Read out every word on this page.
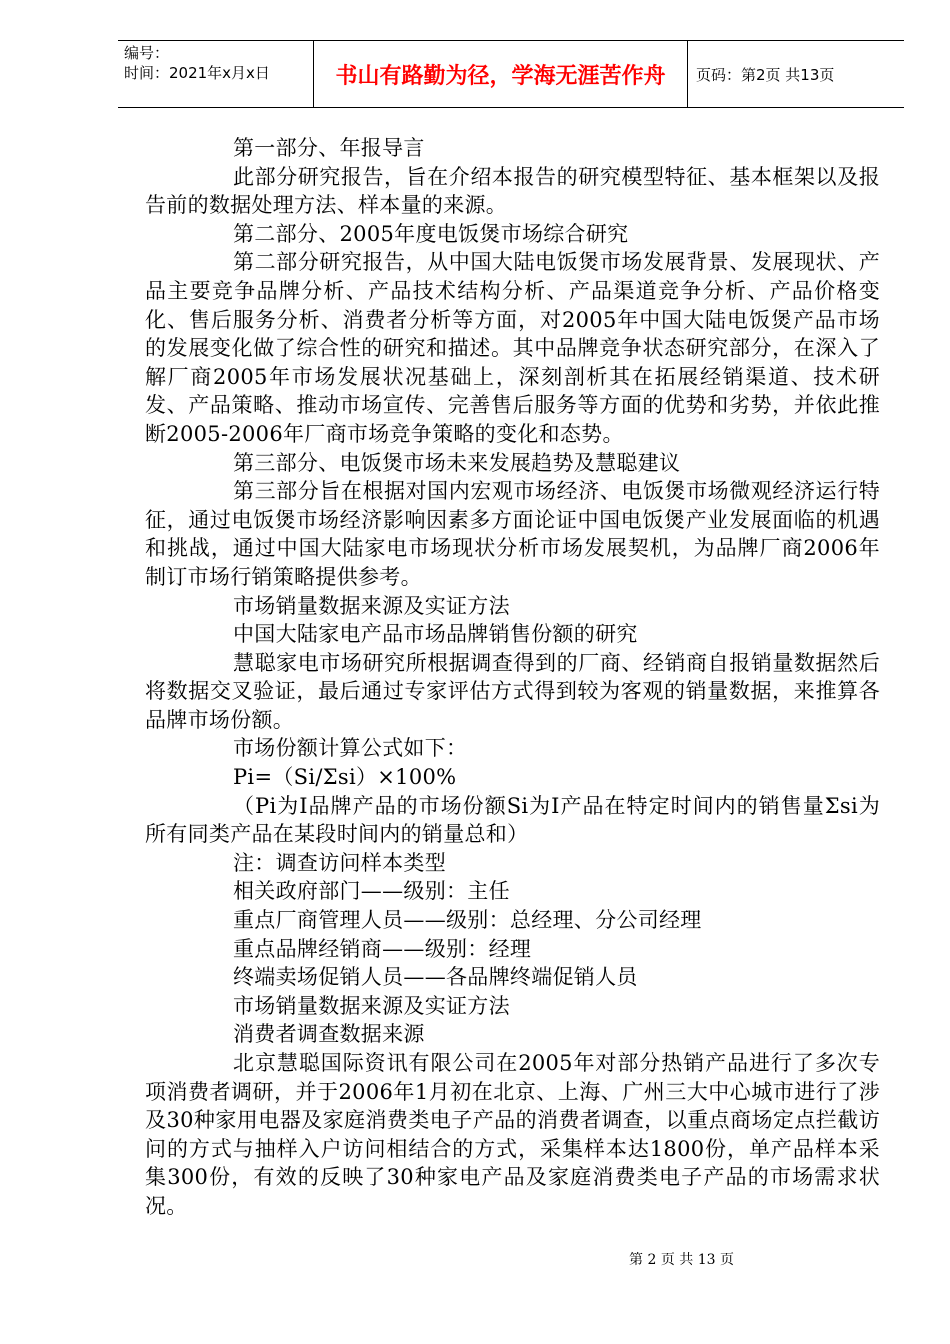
编号：
时间：2021年x月x日	书山有路勤为径，学海无涯苦作舟	页码：第2页 共13页

第一部分、年报导言

此部分研究报告，旨在介绍本报告的研究模型特征、基本框架以及报告前的数据处理方法、样本量的来源。

第二部分、2005年度电饭煲市场综合研究

第二部分研究报告，从中国大陆电饭煲市场发展背景、发展现状、产品主要竞争品牌分析、产品技术结构分析、产品渠道竞争分析、产品价格变化、售后服务分析、消费者分析等方面，对2005年中国大陆电饭煲产品市场的发展变化做了综合性的研究和描述。其中品牌竞争状态研究部分，在深入了解厂商2005年市场发展状况基础上，深刻剖析其在拓展经销渠道、技术研发、产品策略、推动市场宣传、完善售后服务等方面的优势和劣势，并依此推断2005-2006年厂商市场竞争策略的变化和态势。

第三部分、电饭煲市场未来发展趋势及慧聪建议

第三部分旨在根据对国内宏观市场经济、电饭煲市场微观经济运行特征，通过电饭煲市场经济影响因素多方面论证中国电饭煲产业发展面临的机遇和挑战，通过中国大陆家电市场现状分析市场发展契机，为品牌厂商2006年制订市场行销策略提供参考。

市场销量数据来源及实证方法

中国大陆家电产品市场品牌销售份额的研究

慧聪家电市场研究所根据调查得到的厂商、经销商自报销量数据然后将数据交叉验证，最后通过专家评估方式得到较为客观的销量数据，来推算各品牌市场份额。

市场份额计算公式如下：

Pi=（Si/Σsi）×100%

（Pi为I品牌产品的市场份额Si为I产品在特定时间内的销售量Σsi为所有同类产品在某段时间内的销量总和）

注：调查访问样本类型

相关政府部门——级别：主任

重点厂商管理人员——级别：总经理、分公司经理

重点品牌经销商——级别：经理

终端卖场促销人员——各品牌终端促销人员

市场销量数据来源及实证方法

消费者调查数据来源

北京慧聪国际资讯有限公司在2005年对部分热销产品进行了多次专项消费者调研，并于2006年1月初在北京、上海、广州三大中心城市进行了涉及30种家用电器及家庭消费类电子产品的消费者调查，以重点商场定点拦截访问的方式与抽样入户访问相结合的方式，采集样本达1800份，单产品样本采集300份，有效的反映了30种家电产品及家庭消费类电子产品的市场需求状况。

第 2 页 共 13 页
